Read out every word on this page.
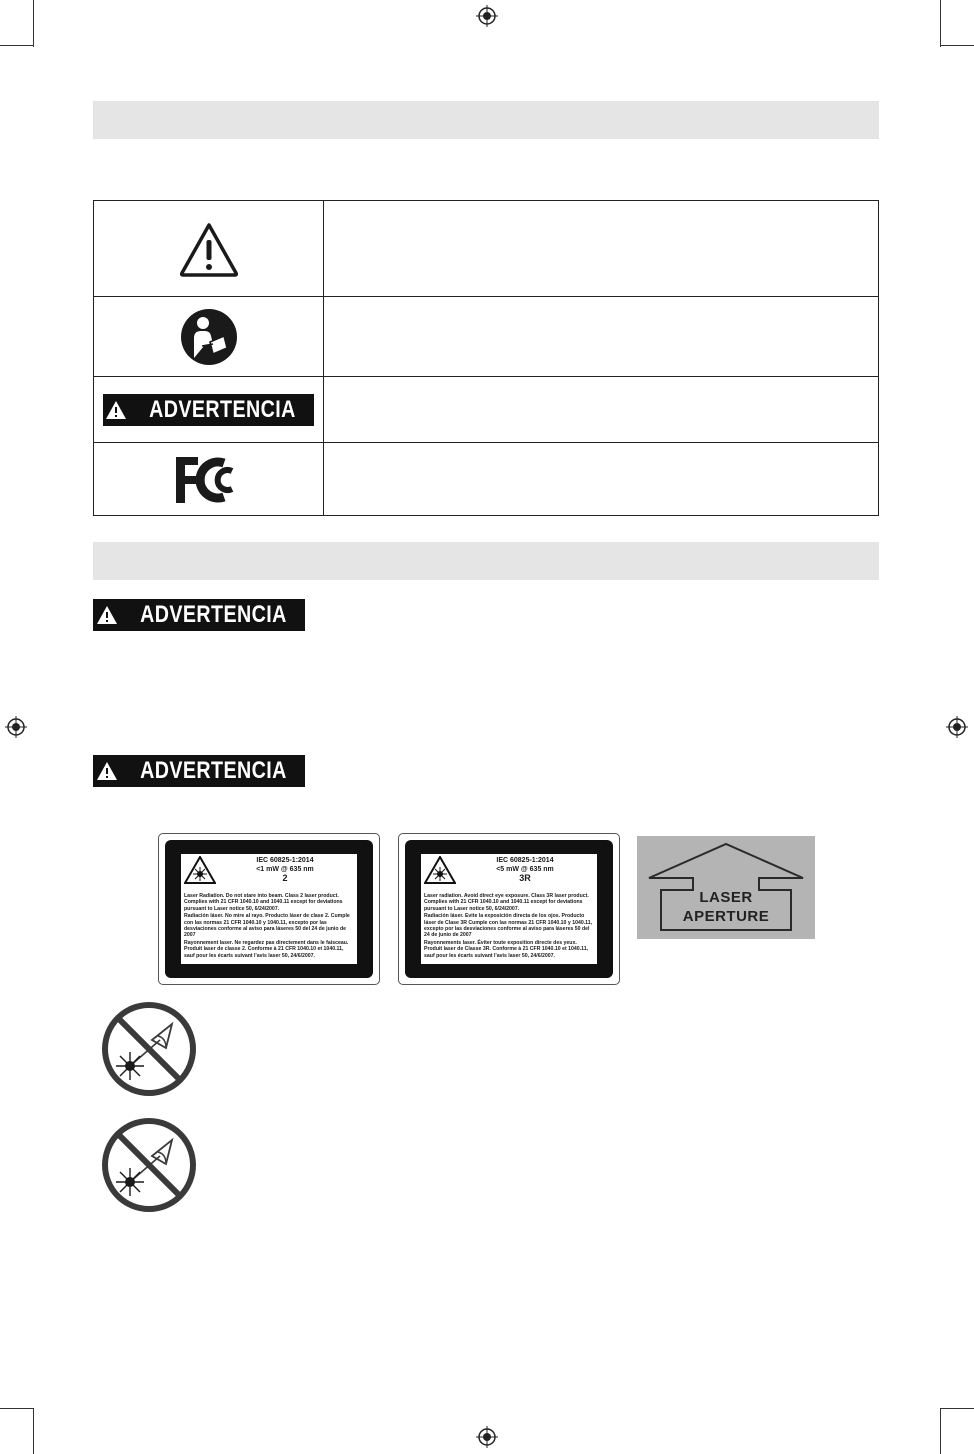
ADVERTENCIA
ADVERTENCIA
ADVERTENCIA
IEC 60825-1:2014
<1 mW @ 635 nm
2

Laser Radiation. Do not stare into beam. Class 2 laser product. Complies with 21 CFR 1040.10 and 1040.11 except for deviations pursuant to Laser notice 50, 6/24/2007.

Radiación láser. No mire al rayo. Producto láser de clase 2. Cumple con las normas 21 CFR 1040.10 y 1040.11, excepto por las desviaciones conforme al aviso para láseres 50 del 24 de junio de 2007

Rayonnement laser. Ne regardez pas directement dans le faisceau. Produit laser de classe 2. Conforme à 21 CFR 1040.10 et 1040.11, sauf pour les écarts suivant l'avis laser 50, 24/6/2007.

IEC 60825-1:2014
<5 mW @ 635 nm
3R

Laser radiation. Avoid direct eye exposure. Class 3R laser product. Complies with 21 CFR 1040.10 and 1040.11 except for deviations pursuant to Laser notice 50, 6/24/2007.

Radiación láser. Evite la exposición directa de los ojos. Producto láser de Clase 3R Cumple con las normas 21 CFR 1040.10 y 1040.11, excepto por las desviaciones conforme al aviso para láseres 50 del 24 de junio de 2007

Rayonnements laser. Éviter toute exposition directe des yeux. Produit laser de Classe 3R. Conforme à 21 CFR 1040.10 et 1040.11, sauf pour les écarts suivant l'avis laser 50, 24/6/2007.

LASER
APERTURE
